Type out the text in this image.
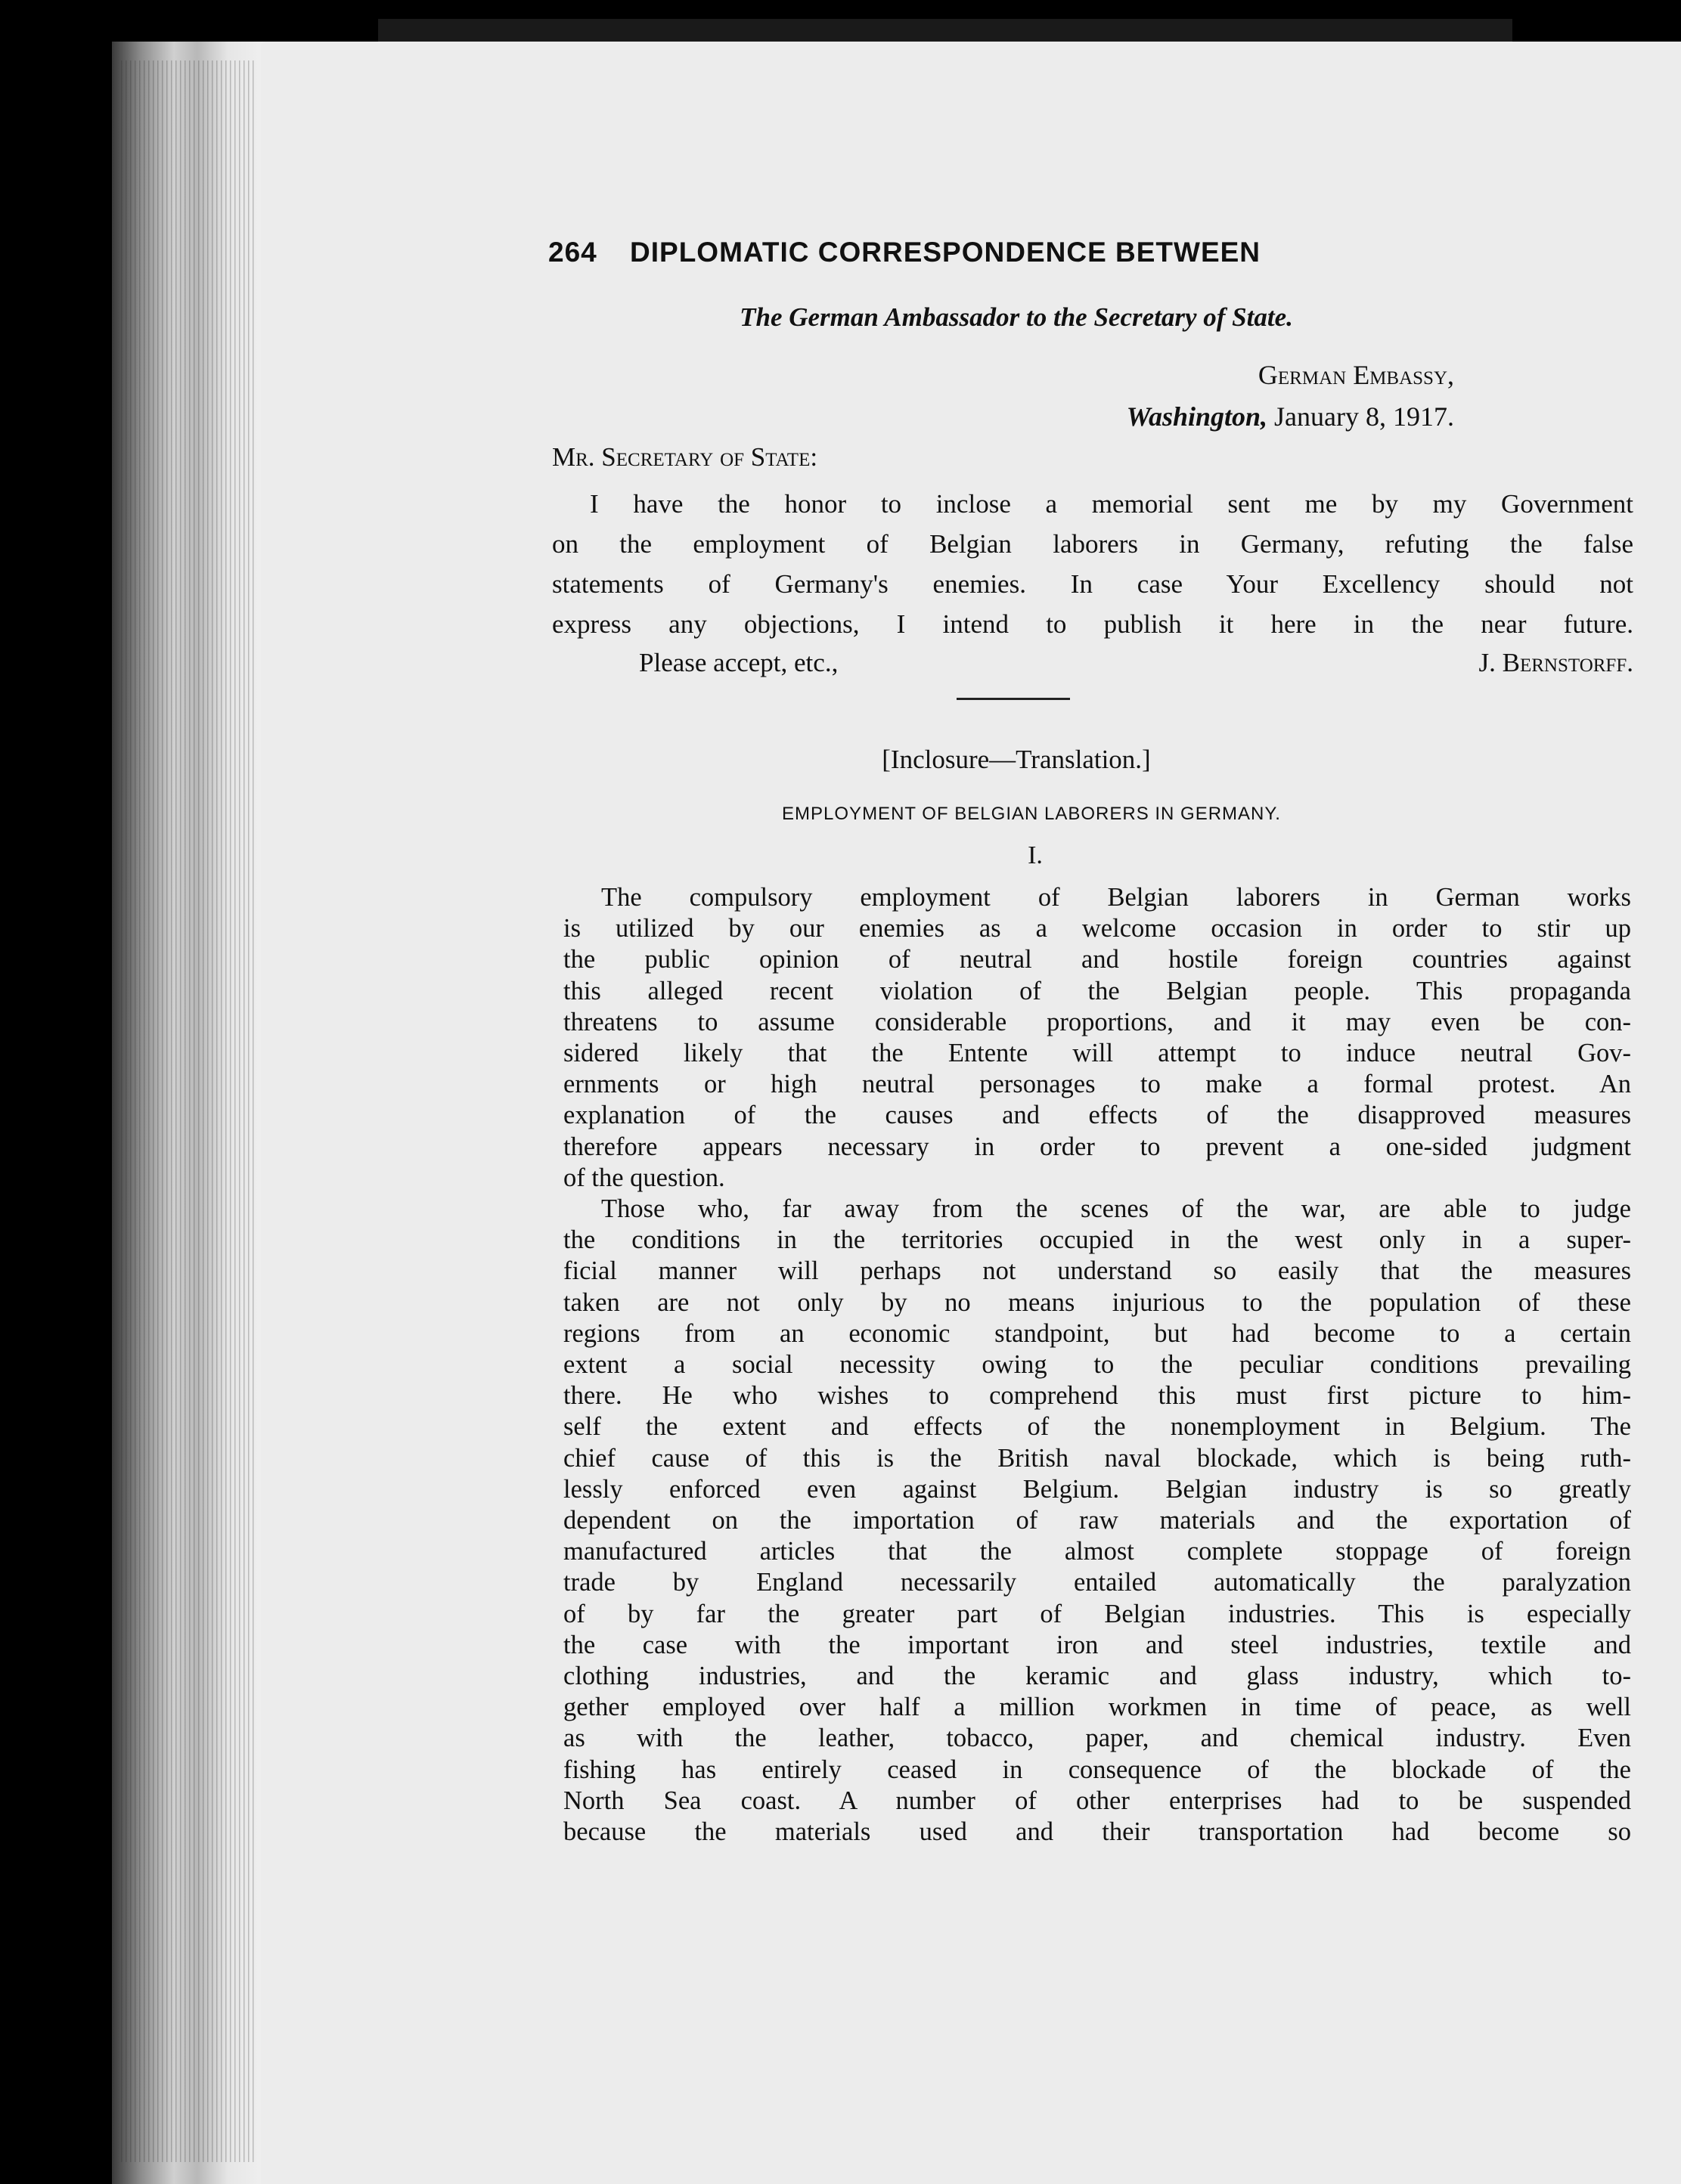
264 DIPLOMATIC CORRESPONDENCE BETWEEN
The German Ambassador to the Secretary of State.
German Embassy,
Washington, January 8, 1917.
Mr. Secretary of State:
I have the honor to inclose a memorial sent me by my Government
on the employment of Belgian laborers in Germany, refuting the false
statements of Germany's enemies. In case Your Excellency should not
express any objections, I intend to publish it here in the near future.
Please accept, etc.,	J. Bernstorff.
[Inclosure—Translation.]
EMPLOYMENT OF BELGIAN LABORERS IN GERMANY.
I.
The compulsory employment of Belgian laborers in German works
is utilized by our enemies as a welcome occasion in order to stir up
the public opinion of neutral and hostile foreign countries against
this alleged recent violation of the Belgian people. This propaganda
threatens to assume considerable proportions, and it may even be con-
sidered likely that the Entente will attempt to induce neutral Gov-
ernments or high neutral personages to make a formal protest. An
explanation of the causes and effects of the disapproved measures
therefore appears necessary in order to prevent a one-sided judgment
of the question.
Those who, far away from the scenes of the war, are able to judge
the conditions in the territories occupied in the west only in a super-
ficial manner will perhaps not understand so easily that the measures
taken are not only by no means injurious to the population of these
regions from an economic standpoint, but had become to a certain
extent a social necessity owing to the peculiar conditions prevailing
there. He who wishes to comprehend this must first picture to him-
self the extent and effects of the nonemployment in Belgium. The
chief cause of this is the British naval blockade, which is being ruth-
lessly enforced even against Belgium. Belgian industry is so greatly
dependent on the importation of raw materials and the exportation of
manufactured articles that the almost complete stoppage of foreign
trade by England necessarily entailed automatically the paralyzation
of by far the greater part of Belgian industries. This is especially
the case with the important iron and steel industries, textile and
clothing industries, and the keramic and glass industry, which to-
gether employed over half a million workmen in time of peace, as well
as with the leather, tobacco, paper, and chemical industry. Even
fishing has entirely ceased in consequence of the blockade of the
North Sea coast. A number of other enterprises had to be suspended
because the materials used and their transportation had become so
